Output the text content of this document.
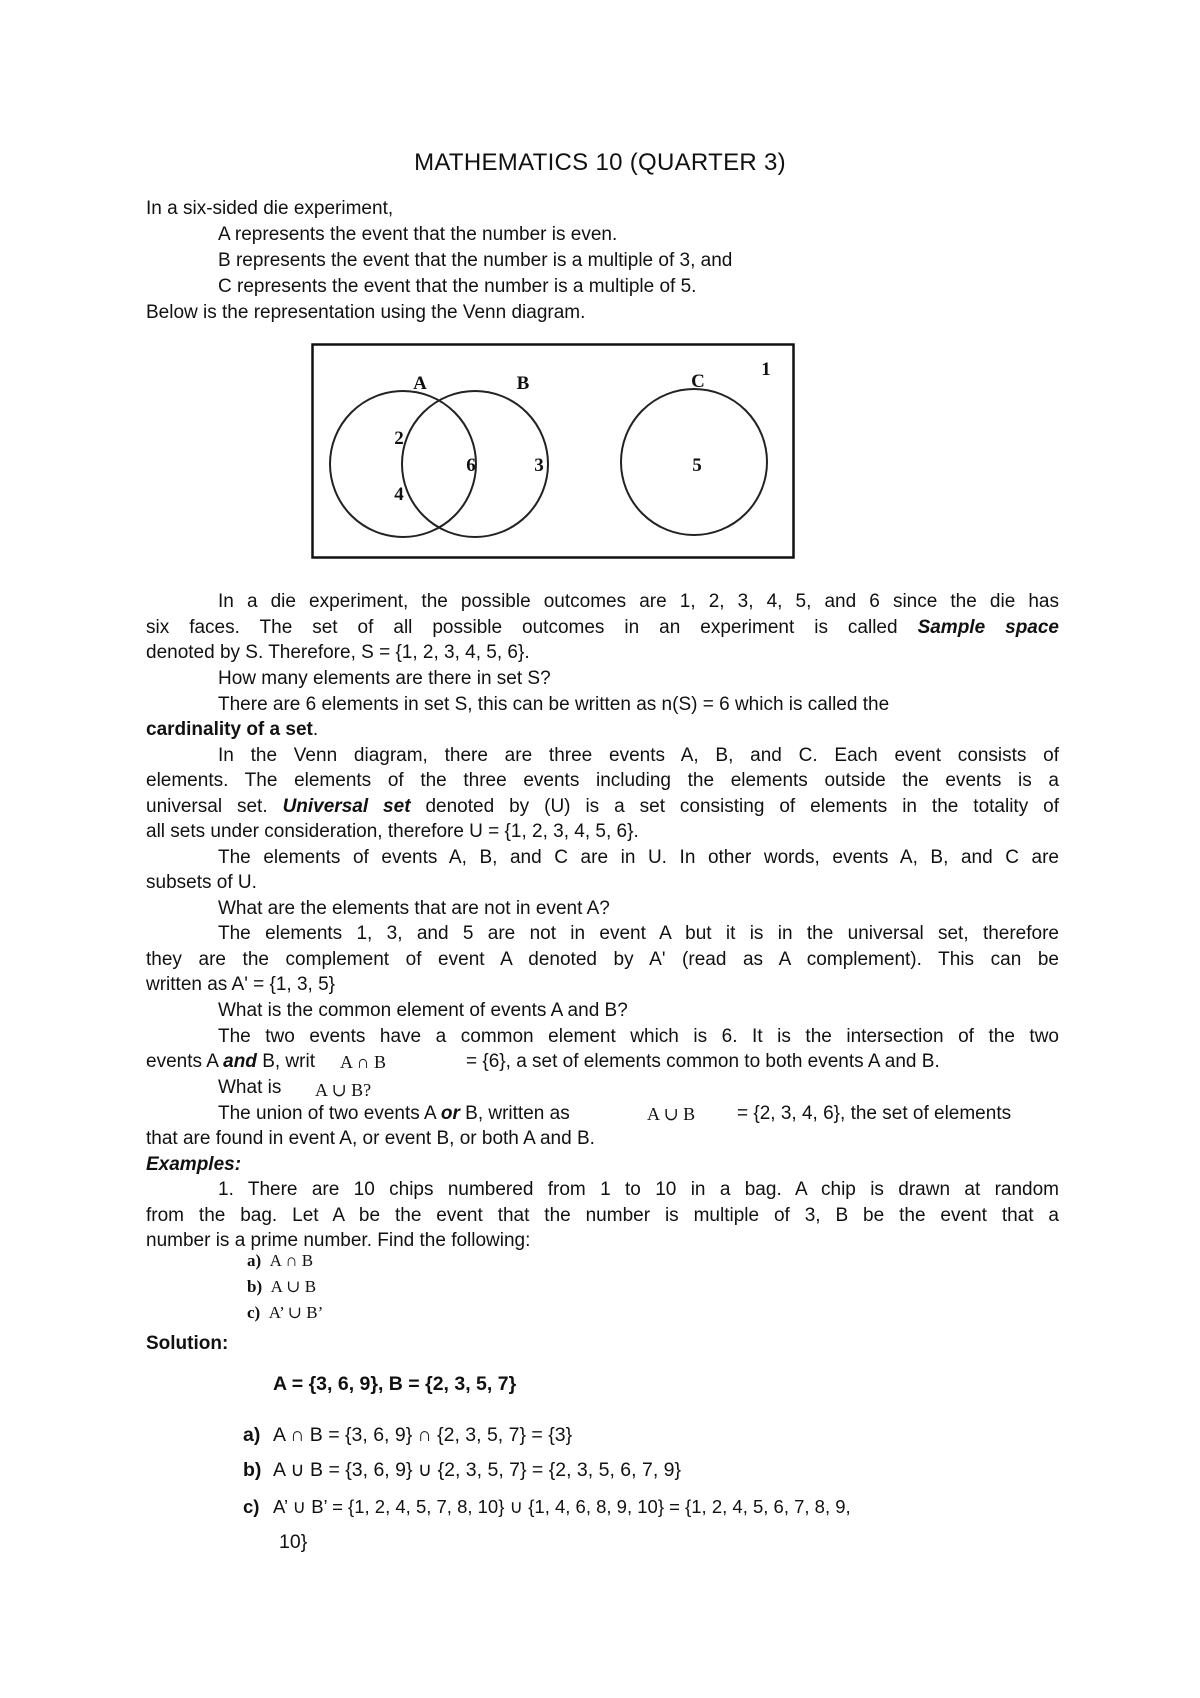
MATHEMATICS 10 (QUARTER 3)
In a six-sided die experiment,
A represents the event that the number is even.
B represents the event that the number is a multiple of 3, and
C represents the event that the number is a multiple of 5.
Below is the representation using the Venn diagram.
A	B	C
1
2
4
6	3	5
In a die experiment, the possible outcomes are 1, 2, 3, 4, 5, and 6 since the die has
six faces. The set of all possible outcomes in an experiment is called Sample space
denoted by S. Therefore, S = {1, 2, 3, 4, 5, 6}.
How many elements are there in set S?
There are 6 elements in set S, this can be written as n(S) = 6 which is called the
cardinality of a set.
In the Venn diagram, there are three events A, B, and C. Each event consists of
elements. The elements of the three events including the elements outside the events is a
universal set. Universal set denoted by (U) is a set consisting of elements in the totality of
all sets under consideration, therefore U = {1, 2, 3, 4, 5, 6}.
The elements of events A, B, and C are in U. In other words, events A, B, and C are
subsets of U.
What are the elements that are not in event A?
The elements 1, 3, and 5 are not in event A but it is in the universal set, therefore
they are the complement of event A denoted by A' (read as A complement). This can be
written as A' = {1, 3, 5}
What is the common element of events A and B?
The two events have a common element which is 6. It is the intersection of the two
events A and B, writ A ∩ B	= {6}, a set of elements common to both events A and B.
What is A ∪ B?
The union of two events A or B, written as	A ∪ B = {2, 3, 4, 6}, the set of elements
that are found in event A, or event B, or both A and B.
Examples:
1. There are 10 chips numbered from 1 to 10 in a bag. A chip is drawn at random
from the bag. Let A be the event that the number is multiple of 3, B be the event that a
number is a prime number. Find the following:
a) A ∩ B
b) A ∪ B
c) A’ ∪ B’
Solution:
A = {3, 6, 9}, B = {2, 3, 5, 7}
a) A ∩ B = {3, 6, 9} ∩ {2, 3, 5, 7} = {3}
b) A ∪ B = {3, 6, 9} ∪ {2, 3, 5, 7} = {2, 3, 5, 6, 7, 9}
c) A’ ∪ B’ = {1, 2, 4, 5, 7, 8, 10} ∪ {1, 4, 6, 8, 9, 10} = {1, 2, 4, 5, 6, 7, 8, 9,
10}
